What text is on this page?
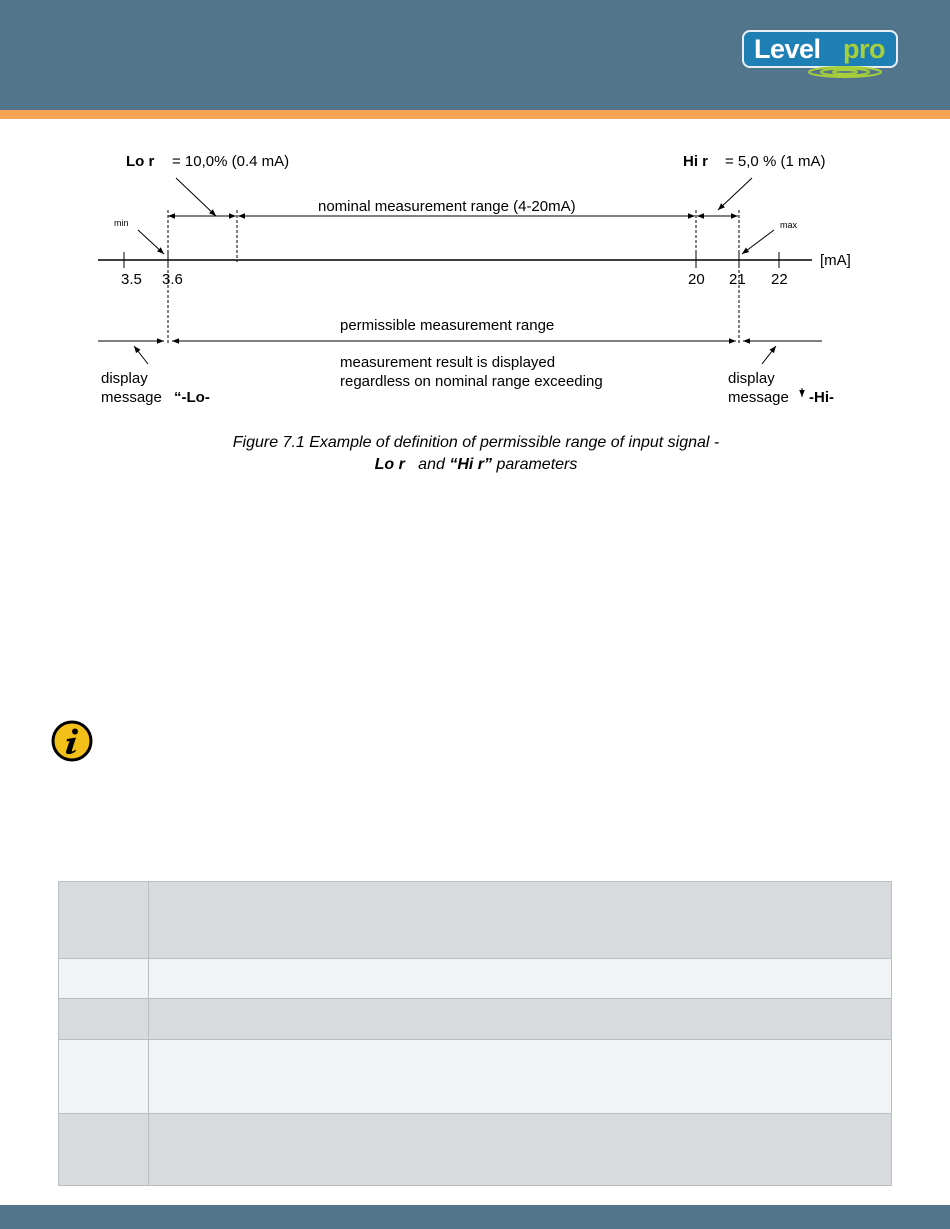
Level pro
Lo r = 10,0% (0.4 mA)	Hi r = 5,0 % (1 mA)
nominal measurement range (4-20mA)
min	max
[mA]
3.5 3.6	20 21 22
permissible measurement range
measurement result is displayed
regardless on nominal range exceeding
display
message “-Lo-
display
message -Hi-
Figure 7.1 Example of definition of permissible range of input signal -
Lo r and “Hi r” parameters
